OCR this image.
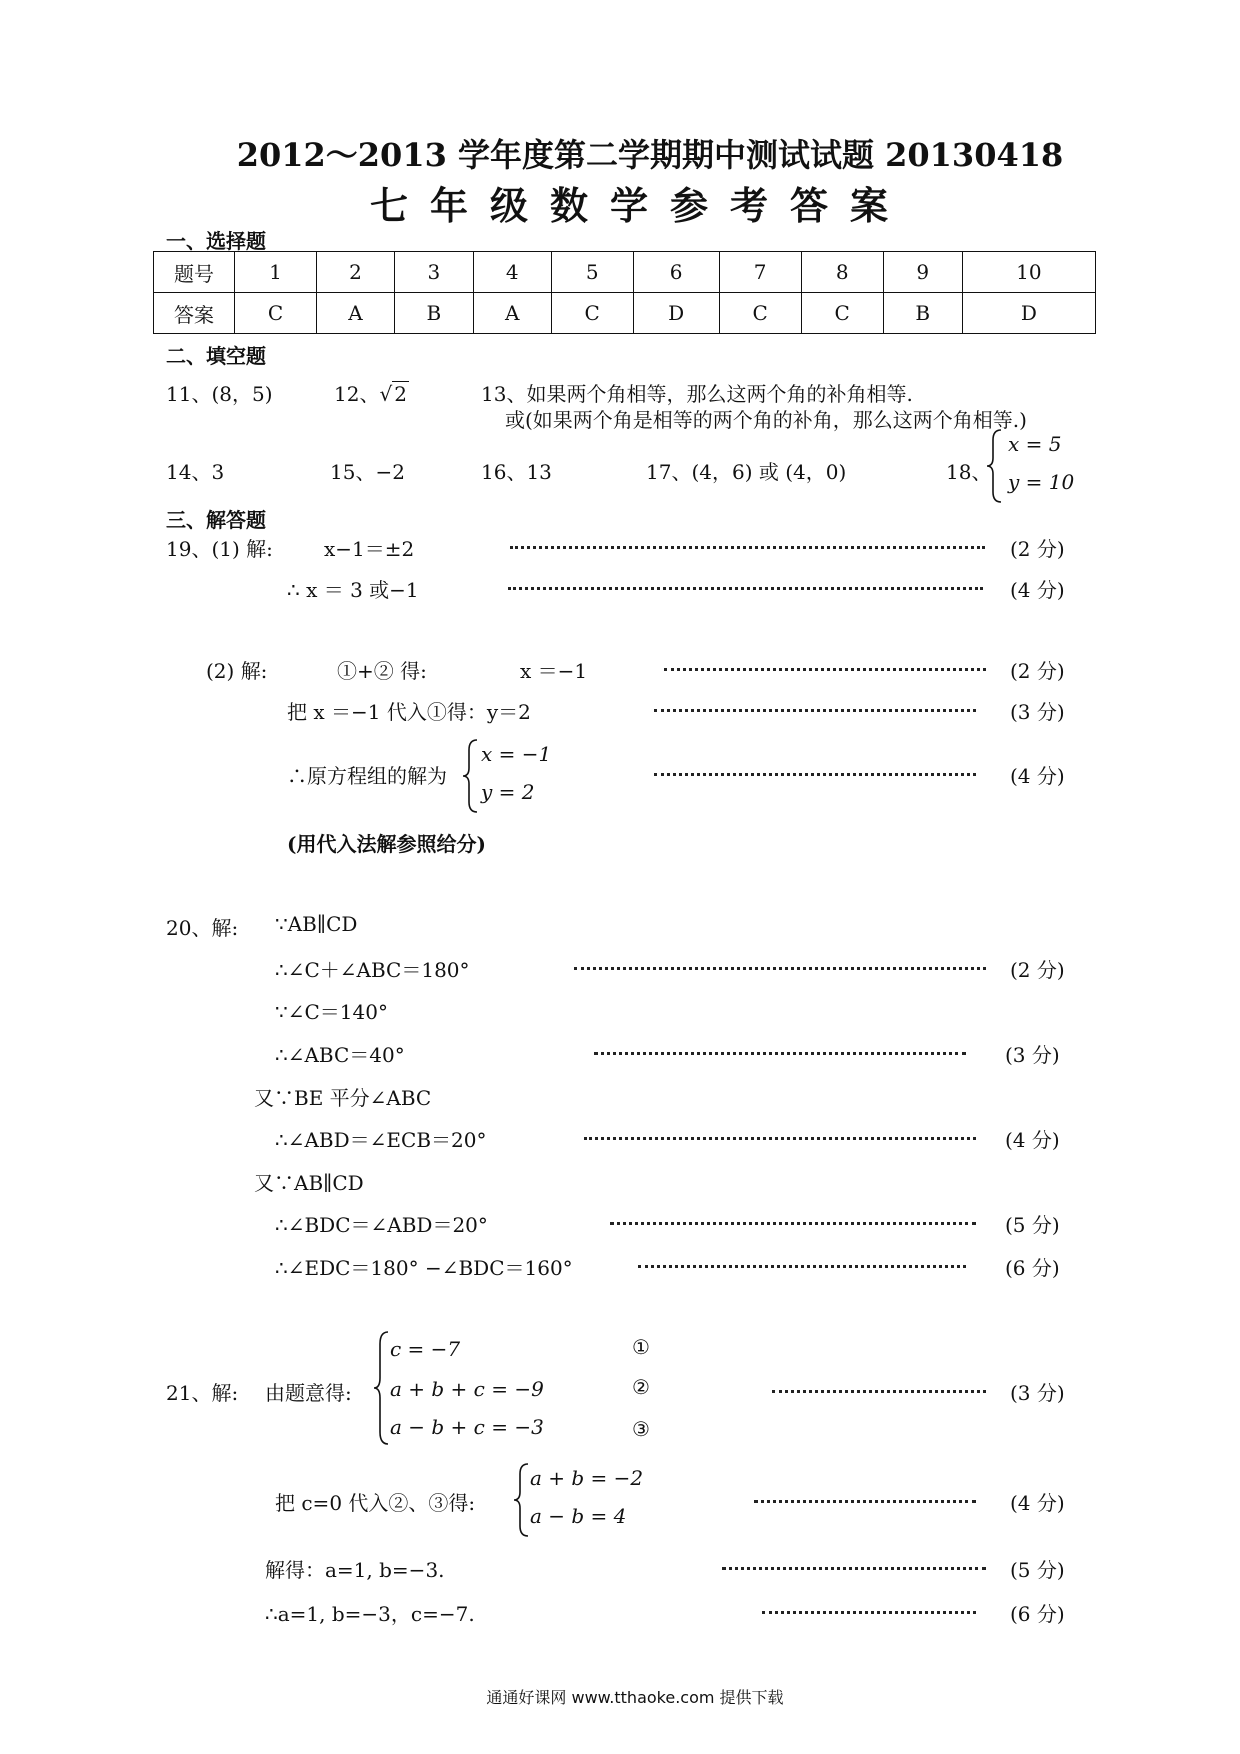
2012～2013 学年度第二学期期中测试试题 20130418
七年级数学参考答案
一、选择题
题号	1	2	3	4	5	6	7	8	9	10
答案	C	A	B	A	C	D	C	C	B	D
二、填空题
11、(8，5)	12、√ 2	13、如果两个角相等，那么这两个角的补角相等.
或(如果两个角是相等的两个角的补角，那么这两个角相等.)
14、3	15、−2	16、13	17、(4，6) 或 (4，0)	18、
x = 5
y = 10
三、解答题
19、(1) 解:	x−1＝±2	(2 分)
∴ x ＝ 3 或−1	(4 分)
(2) 解:	①+② 得:	x ＝−1	(2 分)
把 x ＝−1 代入①得：y＝2	(3 分)
∴原方程组的解为
x = −1
y = 2
(4 分)
(用代入法解参照给分)
20、解: ∵AB∥CD
∴∠C＋∠ABC＝180°	(2 分)
∵∠C＝140°
∴∠ABC＝40°	(3 分)
又∵BE 平分∠ABC
∴∠ABD＝∠ECB＝20°	(4 分)
又∵AB∥CD
∴∠BDC＝∠ABD＝20°	(5 分)
∴∠EDC＝180° −∠BDC＝160°	(6 分)
21、解: 由题意得:
c = −7
a + b + c = −9
a − b + c = −3
①
②
③
(3 分)
把 c=0 代入②、③得:
a + b = −2
a − b = 4
(4 分)
解得：a=1, b=−3.	(5 分)
∴a=1, b=−3，c=−7.	(6 分)
通通好课网 www.tthaoke.com 提供下载
